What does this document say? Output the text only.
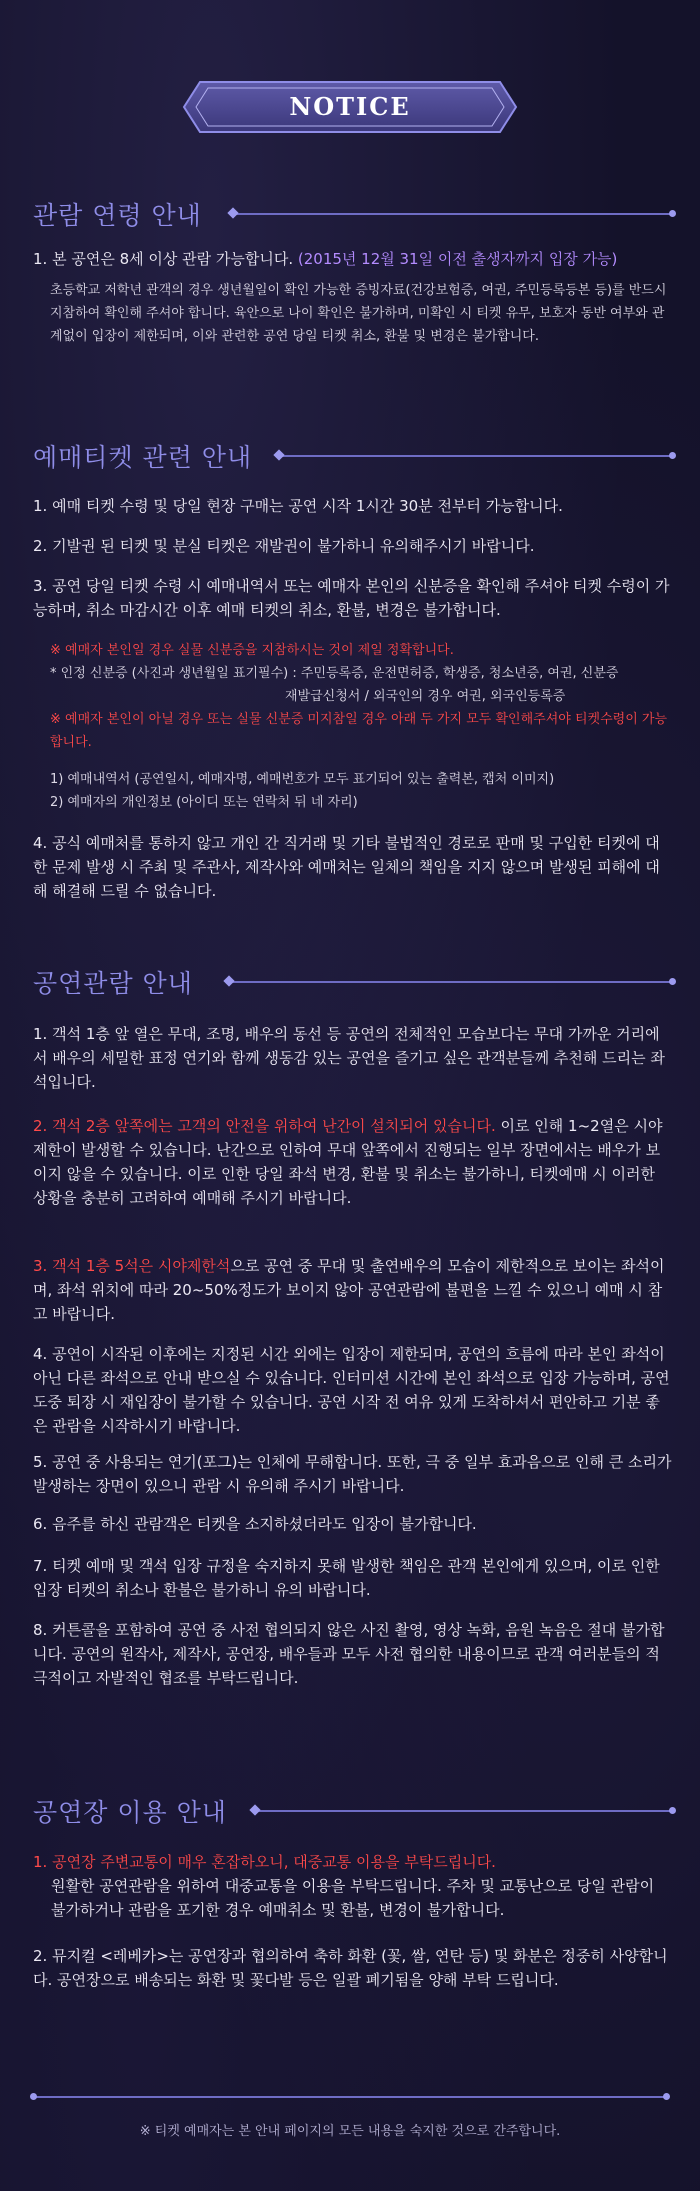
NOTICE
관람 연령 안내
1. 본 공연은 8세 이상 관람 가능합니다. (2015년 12월 31일 이전 출생자까지 입장 가능)
초등학교 저학년 관객의 경우 생년월일이 확인 가능한 증빙자료(건강보험증, 여권, 주민등록등본 등)를 반드시 지참하여 확인해 주셔야 합니다. 육안으로 나이 확인은 불가하며, 미확인 시 티켓 유무, 보호자 동반 여부와 관계없이 입장이 제한되며, 이와 관련한 공연 당일 티켓 취소, 환불 및 변경은 불가합니다.
예매티켓 관련 안내
1. 예매 티켓 수령 및 당일 현장 구매는 공연 시작 1시간 30분 전부터 가능합니다.
2. 기발권 된 티켓 및 분실 티켓은 재발권이 불가하니 유의해주시기 바랍니다.
3. 공연 당일 티켓 수령 시 예매내역서 또는 예매자 본인의 신분증을 확인해 주셔야 티켓 수령이 가능하며, 취소 마감시간 이후 예매 티켓의 취소, 환불, 변경은 불가합니다.
※ 예매자 본인일 경우 실물 신분증을 지참하시는 것이 제일 정확합니다.
* 인정 신분증 (사진과 생년월일 표기필수) : 주민등록증, 운전면허증, 학생증, 청소년증, 여권, 신분증

재발급신청서 / 외국인의 경우 여권, 외국인등록증
※ 예매자 본인이 아닐 경우 또는 실물 신분증 미지참일 경우 아래 두 가지 모두 확인해주셔야 티켓수령이 가능합니다.
1) 예매내역서 (공연일시, 예매자명, 예매번호가 모두 표기되어 있는 출력본, 캡처 이미지)
2) 예매자의 개인정보 (아이디 또는 연락처 뒤 네 자리)
4. 공식 예매처를 통하지 않고 개인 간 직거래 및 기타 불법적인 경로로 판매 및 구입한 티켓에 대한 문제 발생 시 주최 및 주관사, 제작사와 예매처는 일체의 책임을 지지 않으며 발생된 피해에 대해 해결해 드릴 수 없습니다.
공연관람 안내
1. 객석 1층 앞 열은 무대, 조명, 배우의 동선 등 공연의 전체적인 모습보다는 무대 가까운 거리에서 배우의 세밀한 표정 연기와 함께 생동감 있는 공연을 즐기고 싶은 관객분들께 추천해 드리는 좌석입니다.
2. 객석 2층 앞쪽에는 고객의 안전을 위하여 난간이 설치되어 있습니다. 이로 인해 1~2열은 시야제한이 발생할 수 있습니다. 난간으로 인하여 무대 앞쪽에서 진행되는 일부 장면에서는 배우가 보이지 않을 수 있습니다. 이로 인한 당일 좌석 변경, 환불 및 취소는 불가하니, 티켓예매 시 이러한 상황을 충분히 고려하여 예매해 주시기 바랍니다.
3. 객석 1층 5석은 시야제한석으로 공연 중 무대 및 출연배우의 모습이 제한적으로 보이는 좌석이며, 좌석 위치에 따라 20~50%정도가 보이지 않아 공연관람에 불편을 느낄 수 있으니 예매 시 참고 바랍니다.
4. 공연이 시작된 이후에는 지정된 시간 외에는 입장이 제한되며, 공연의 흐름에 따라 본인 좌석이 아닌 다른 좌석으로 안내 받으실 수 있습니다. 인터미션 시간에 본인 좌석으로 입장 가능하며, 공연 도중 퇴장 시 재입장이 불가할 수 있습니다. 공연 시작 전 여유 있게 도착하셔서 편안하고 기분 좋은 관람을 시작하시기 바랍니다.
5. 공연 중 사용되는 연기(포그)는 인체에 무해합니다. 또한, 극 중 일부 효과음으로 인해 큰 소리가 발생하는 장면이 있으니 관람 시 유의해 주시기 바랍니다.
6. 음주를 하신 관람객은 티켓을 소지하셨더라도 입장이 불가합니다.
7. 티켓 예매 및 객석 입장 규정을 숙지하지 못해 발생한 책임은 관객 본인에게 있으며, 이로 인한 입장 티켓의 취소나 환불은 불가하니 유의 바랍니다.
8. 커튼콜을 포함하여 공연 중 사전 협의되지 않은 사진 촬영, 영상 녹화, 음원 녹음은 절대 불가합니다. 공연의 원작사, 제작사, 공연장, 배우들과 모두 사전 협의한 내용이므로 관객 여러분들의 적극적이고 자발적인 협조를 부탁드립니다.
공연장 이용 안내
1. 공연장 주변교통이 매우 혼잡하오니, 대중교통 이용을 부탁드립니다.
원활한 공연관람을 위하여 대중교통을 이용을 부탁드립니다. 주차 및 교통난으로 당일 관람이 불가하거나 관람을 포기한 경우 예매취소 및 환불, 변경이 불가합니다.
2. 뮤지컬 <레베카>는 공연장과 협의하여 축하 화환 (꽃, 쌀, 연탄 등) 및 화분은 정중히 사양합니다. 공연장으로 배송되는 화환 및 꽃다발 등은 일괄 폐기됨을 양해 부탁 드립니다.
※ 티켓 예매자는 본 안내 페이지의 모든 내용을 숙지한 것으로 간주합니다.
